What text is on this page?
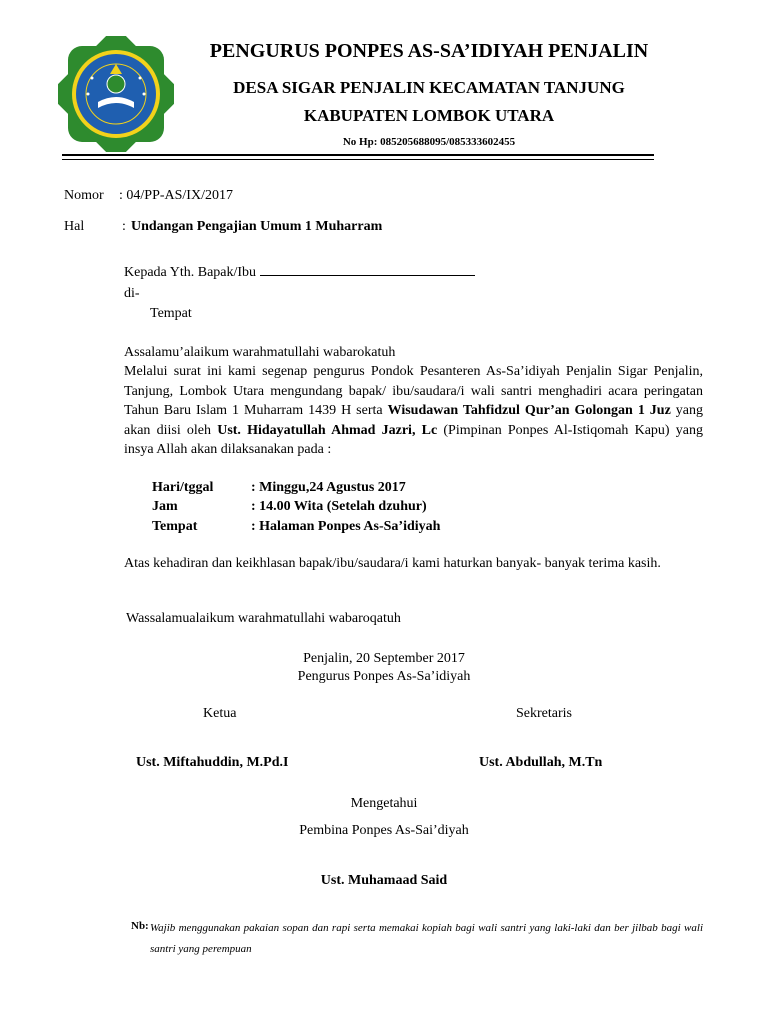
PENGURUS PONPES AS-SA’IDIYAH PENJALIN
DESA SIGAR PENJALIN KECAMATAN TANJUNG
KABUPATEN LOMBOK UTARA
No Hp: 085205688095/085333602455
Nomor : 04/PP-AS/IX/2017
Hal	: Undangan Pengajian Umum 1 Muharram
Kepada Yth. Bapak/Ibu
di-
Tempat
Assalamu’alaikum warahmatullahi wabarokatuh
Melalui surat ini kami segenap pengurus Pondok Pesanteren As-Sa’idiyah Penjalin Sigar Penjalin, Tanjung, Lombok Utara mengundang bapak/ ibu/saudara/i wali santri menghadiri acara peringatan Tahun Baru Islam 1 Muharram 1439 H serta Wisudawan Tahfidzul Qur’an Golongan 1 Juz yang akan diisi oleh Ust. Hidayatullah Ahmad Jazri, Lc (Pimpinan Ponpes Al-Istiqomah Kapu) yang insya Allah akan dilaksanakan pada :
Hari/tggal	: Minggu,24 Agustus 2017
Jam	: 14.00 Wita (Setelah dzuhur)
Tempat	: Halaman Ponpes As-Sa’idiyah
Atas kehadiran dan keikhlasan bapak/ibu/saudara/i kami haturkan banyak- banyak terima kasih.
Wassalamualaikum warahmatullahi wabaroqatuh
Penjalin, 20 September 2017
Pengurus Ponpes As-Sa’idiyah
Ketua	Sekretaris
Ust. Miftahuddin, M.Pd.I	Ust. Abdullah, M.Tn
Mengetahui
Pembina Ponpes As-Sai’diyah
Ust. Muhamaad Said
Nb: Wajib menggunakan pakaian sopan dan rapi serta memakai kopiah bagi wali santri yang laki-laki dan ber jilbab bagi wali santri yang perempuan
